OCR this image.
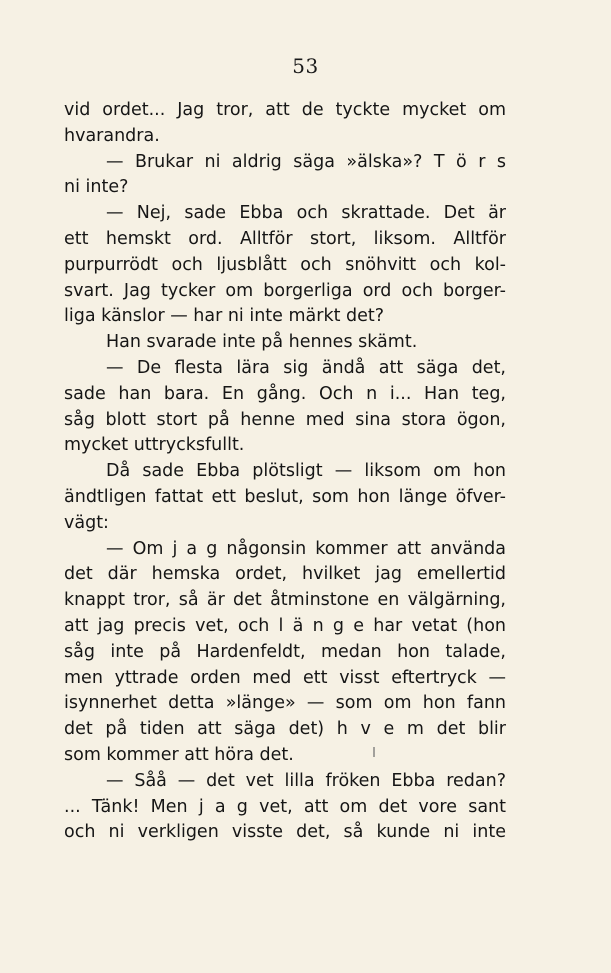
53
vid ordet... Jag tror, att de tyckte mycket om
hvarandra.
— Brukar ni aldrig säga »älska»? T ö r s
ni inte?
— Nej, sade Ebba och skrattade. Det är
ett hemskt ord. Alltför stort, liksom. Alltför
purpurrödt och ljusblått och snöhvitt och kol-
svart. Jag tycker om borgerliga ord och borger-
liga känslor — har ni inte märkt det?
Han svarade inte på hennes skämt.
— De flesta lära sig ändå att säga det,
sade han bara. En gång. Och n i... Han teg,
såg blott stort på henne med sina stora ögon,
mycket uttrycksfullt.
Då sade Ebba plötsligt — liksom om hon
ändtligen fattat ett beslut, som hon länge öfver-
vägt:
— Om j a g någonsin kommer att använda
det där hemska ordet, hvilket jag emellertid
knappt tror, så är det åtminstone en välgärning,
att jag precis vet, och l ä n g e har vetat (hon
såg inte på Hardenfeldt, medan hon talade,
men yttrade orden med ett visst eftertryck —
isynnerhet detta »länge» — som om hon fann
det på tiden att säga det) h v e m det blir
som kommer att höra det.
— Såå — det vet lilla fröken Ebba redan?
... Tänk! Men j a g vet, att om det vore sant
och ni verkligen visste det, så kunde ni inte
